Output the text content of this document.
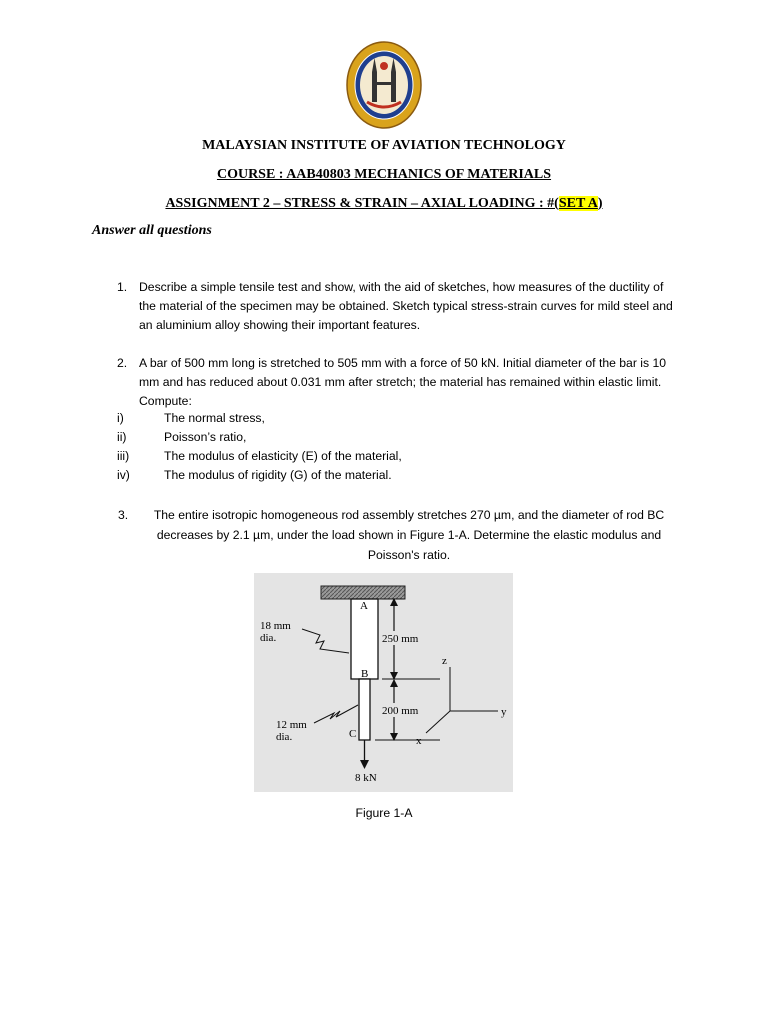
MALAYSIAN INSTITUTE OF AVIATION TECHNOLOGY
COURSE : AAB40803 MECHANICS OF MATERIALS
ASSIGNMENT 2 – STRESS & STRAIN – AXIAL LOADING : #(SET A)
Answer all questions
1. Describe a simple tensile test and show, with the aid of sketches, how measures of the ductility of the material of the specimen may be obtained. Sketch typical stress-strain curves for mild steel and an aluminium alloy showing their important features.
2. A bar of 500 mm long is stretched to 505 mm with a force of 50 kN. Initial diameter of the bar is 10 mm and has reduced about 0.031 mm after stretch; the material has remained within elastic limit. Compute:
i)	The normal stress,
ii)	Poisson’s ratio,
iii)	The modulus of elasticity (E) of the material,
iv)	The modulus of rigidity (G) of the material.
3.	The entire isotropic homogeneous rod assembly stretches 270 µm, and the diameter of rod BC decreases by 2.1 µm, under the load shown in Figure 1-A. Determine the elastic modulus and Poisson's ratio.
A
B
C
18 mm
dia.
12 mm
dia.
250 mm
200 mm
8 kN
z
y
x
Figure 1-A
